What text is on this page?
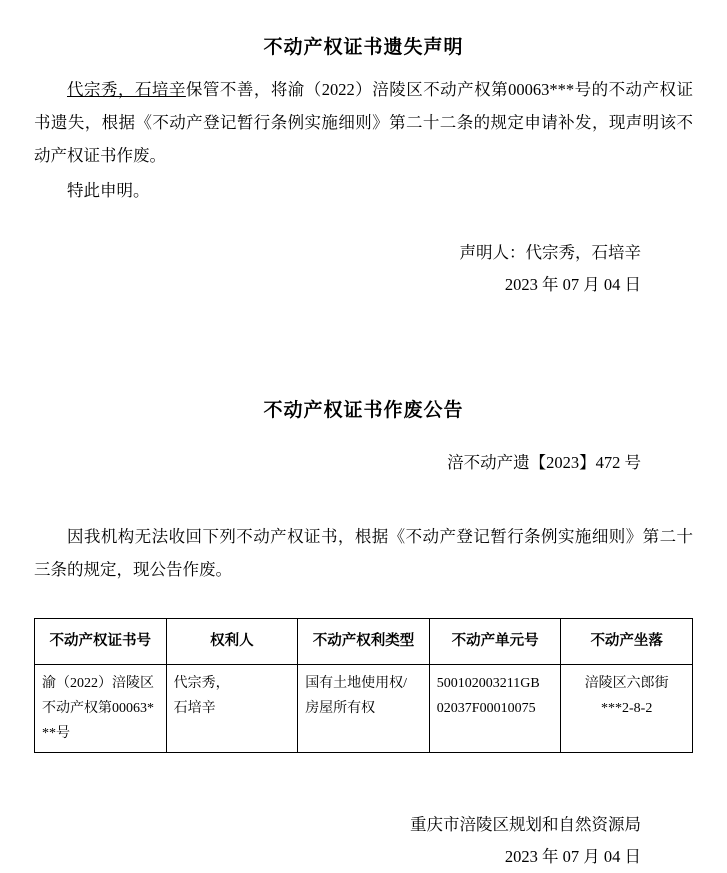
不动产权证书遗失声明

代宗秀，石培辛保管不善，将渝（2022）涪陵区不动产权第00063***号的不动产权证书遗失，根据《不动产登记暂行条例实施细则》第二十二条的规定申请补发，现声明该不动产权证书作废。

特此申明。

声明人：代宗秀，石培辛

2023 年 07 月 04 日

不动产权证书作废公告

涪不动产遗【2023】472 号

因我机构无法收回下列不动产权证书，根据《不动产登记暂行条例实施细则》第二十三条的规定，现公告作废。

不动产权证书号	权利人	不动产权利类型	不动产单元号	不动产坐落

渝（2022）涪陵区
不动产权第00063*
**号	代宗秀，
石培辛	国有土地使用权/
房屋所有权	500102003211GB
02037F00010075	涪陵区六郎街***2-8-2

重庆市涪陵区规划和自然资源局

2023 年 07 月 04 日
